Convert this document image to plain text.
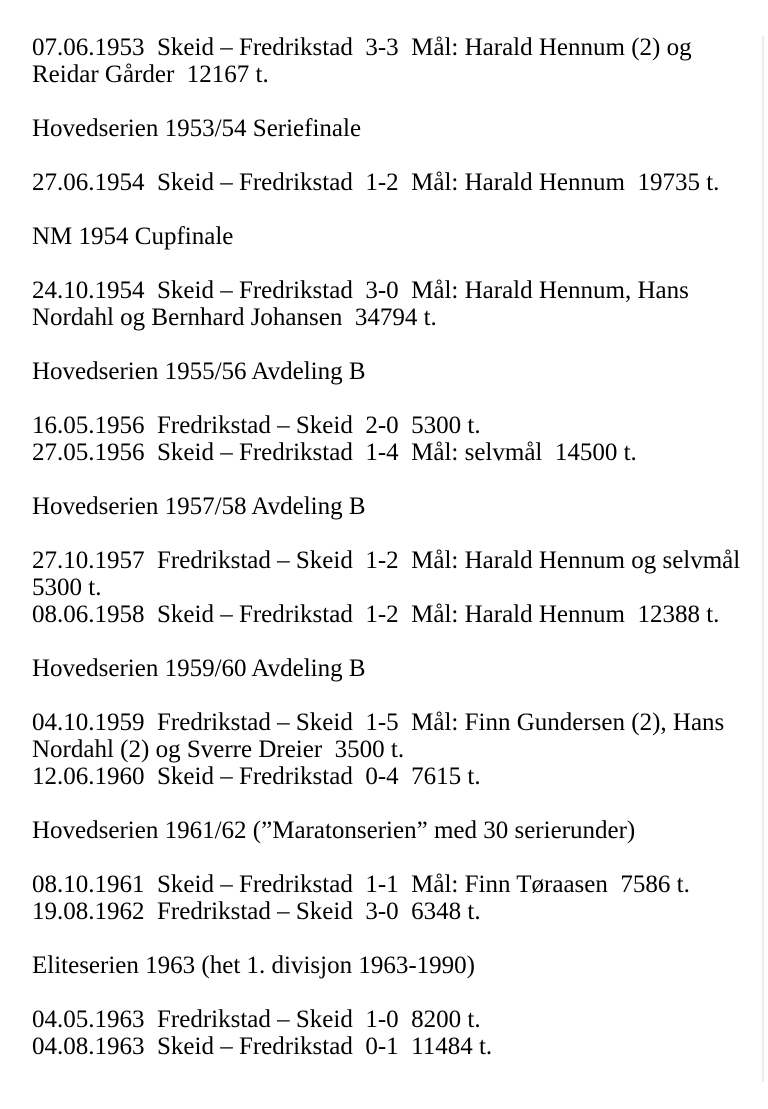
07.06.1953  Skeid – Fredrikstad  3-3  Mål: Harald Hennum (2) og
Reidar Gårder  12167 t.

Hovedserien 1953/54 Seriefinale

27.06.1954  Skeid – Fredrikstad  1-2  Mål: Harald Hennum  19735 t.

NM 1954 Cupfinale

24.10.1954  Skeid – Fredrikstad  3-0  Mål: Harald Hennum, Hans
Nordahl og Bernhard Johansen  34794 t.

Hovedserien 1955/56 Avdeling B

16.05.1956  Fredrikstad – Skeid  2-0  5300 t.
27.05.1956  Skeid – Fredrikstad  1-4  Mål: selvmål  14500 t.

Hovedserien 1957/58 Avdeling B

27.10.1957  Fredrikstad – Skeid  1-2  Mål: Harald Hennum og selvmål
5300 t.
08.06.1958  Skeid – Fredrikstad  1-2  Mål: Harald Hennum  12388 t.

Hovedserien 1959/60 Avdeling B

04.10.1959  Fredrikstad – Skeid  1-5  Mål: Finn Gundersen (2), Hans
Nordahl (2) og Sverre Dreier  3500 t.
12.06.1960  Skeid – Fredrikstad  0-4  7615 t.

Hovedserien 1961/62 (”Maratonserien” med 30 serierunder)

08.10.1961  Skeid – Fredrikstad  1-1  Mål: Finn Tøraasen  7586 t.
19.08.1962  Fredrikstad – Skeid  3-0  6348 t.

Eliteserien 1963 (het 1. divisjon 1963-1990)

04.05.1963  Fredrikstad – Skeid  1-0  8200 t.
04.08.1963  Skeid – Fredrikstad  0-1  11484 t.
